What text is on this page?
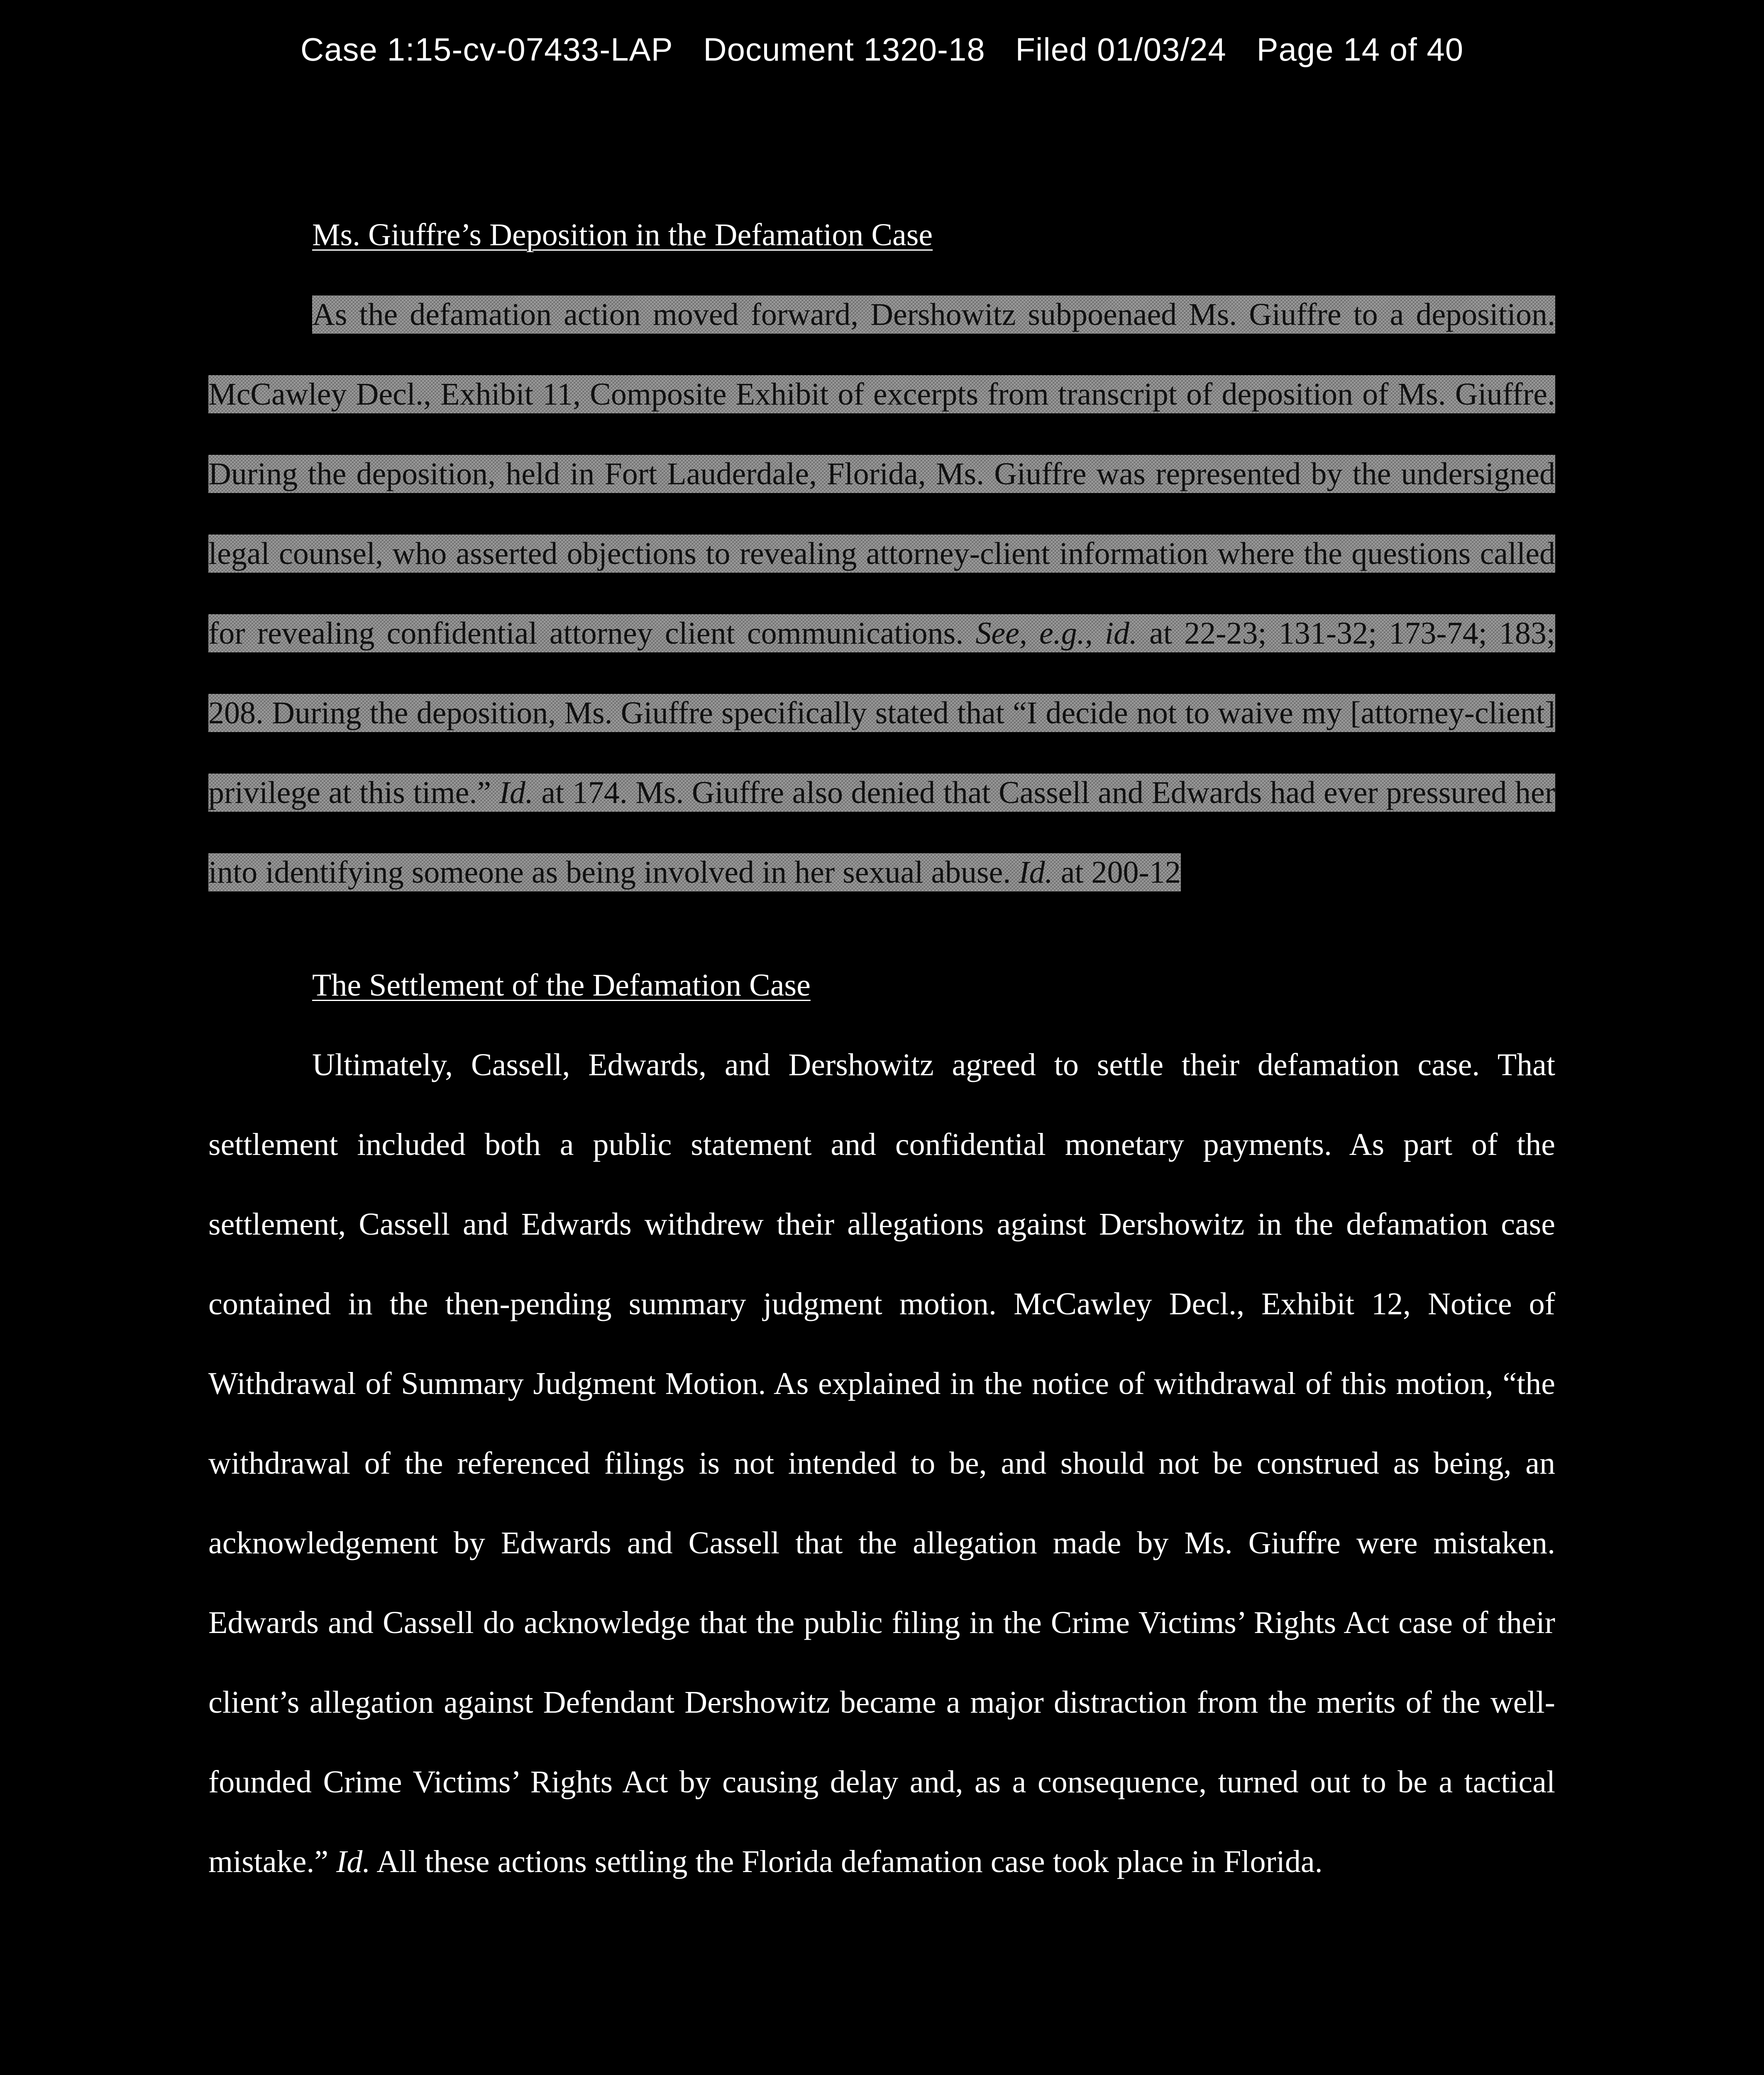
Case 1:15-cv-07433-LAP Document 1320-18 Filed 01/03/24 Page 14 of 40

Ms. Giuffre’s Deposition in the Defamation Case

As the defamation action moved forward, Dershowitz subpoenaed Ms. Giuffre to a deposition. McCawley Decl., Exhibit 11, Composite Exhibit of excerpts from transcript of deposition of Ms. Giuffre. During the deposition, held in Fort Lauderdale, Florida, Ms. Giuffre was represented by the undersigned legal counsel, who asserted objections to revealing attorney-client information where the questions called for revealing confidential attorney client communications. See, e.g., id. at 22-23; 131-32; 173-74; 183; 208. During the deposition, Ms. Giuffre specifically stated that “I decide not to waive my [attorney-client] privilege at this time.” Id. at 174. Ms. Giuffre also denied that Cassell and Edwards had ever pressured her into identifying someone as being involved in her sexual abuse. Id. at 200-12

The Settlement of the Defamation Case

Ultimately, Cassell, Edwards, and Dershowitz agreed to settle their defamation case. That settlement included both a public statement and confidential monetary payments. As part of the settlement, Cassell and Edwards withdrew their allegations against Dershowitz in the defamation case contained in the then-pending summary judgment motion. McCawley Decl., Exhibit 12, Notice of Withdrawal of Summary Judgment Motion. As explained in the notice of withdrawal of this motion, “the withdrawal of the referenced filings is not intended to be, and should not be construed as being, an acknowledgement by Edwards and Cassell that the allegation made by Ms. Giuffre were mistaken. Edwards and Cassell do acknowledge that the public filing in the Crime Victims’ Rights Act case of their client’s allegation against Defendant Dershowitz became a major distraction from the merits of the well-founded Crime Victims’ Rights Act by causing delay and, as a consequence, turned out to be a tactical mistake.” Id. All these actions settling the Florida defamation case took place in Florida.
